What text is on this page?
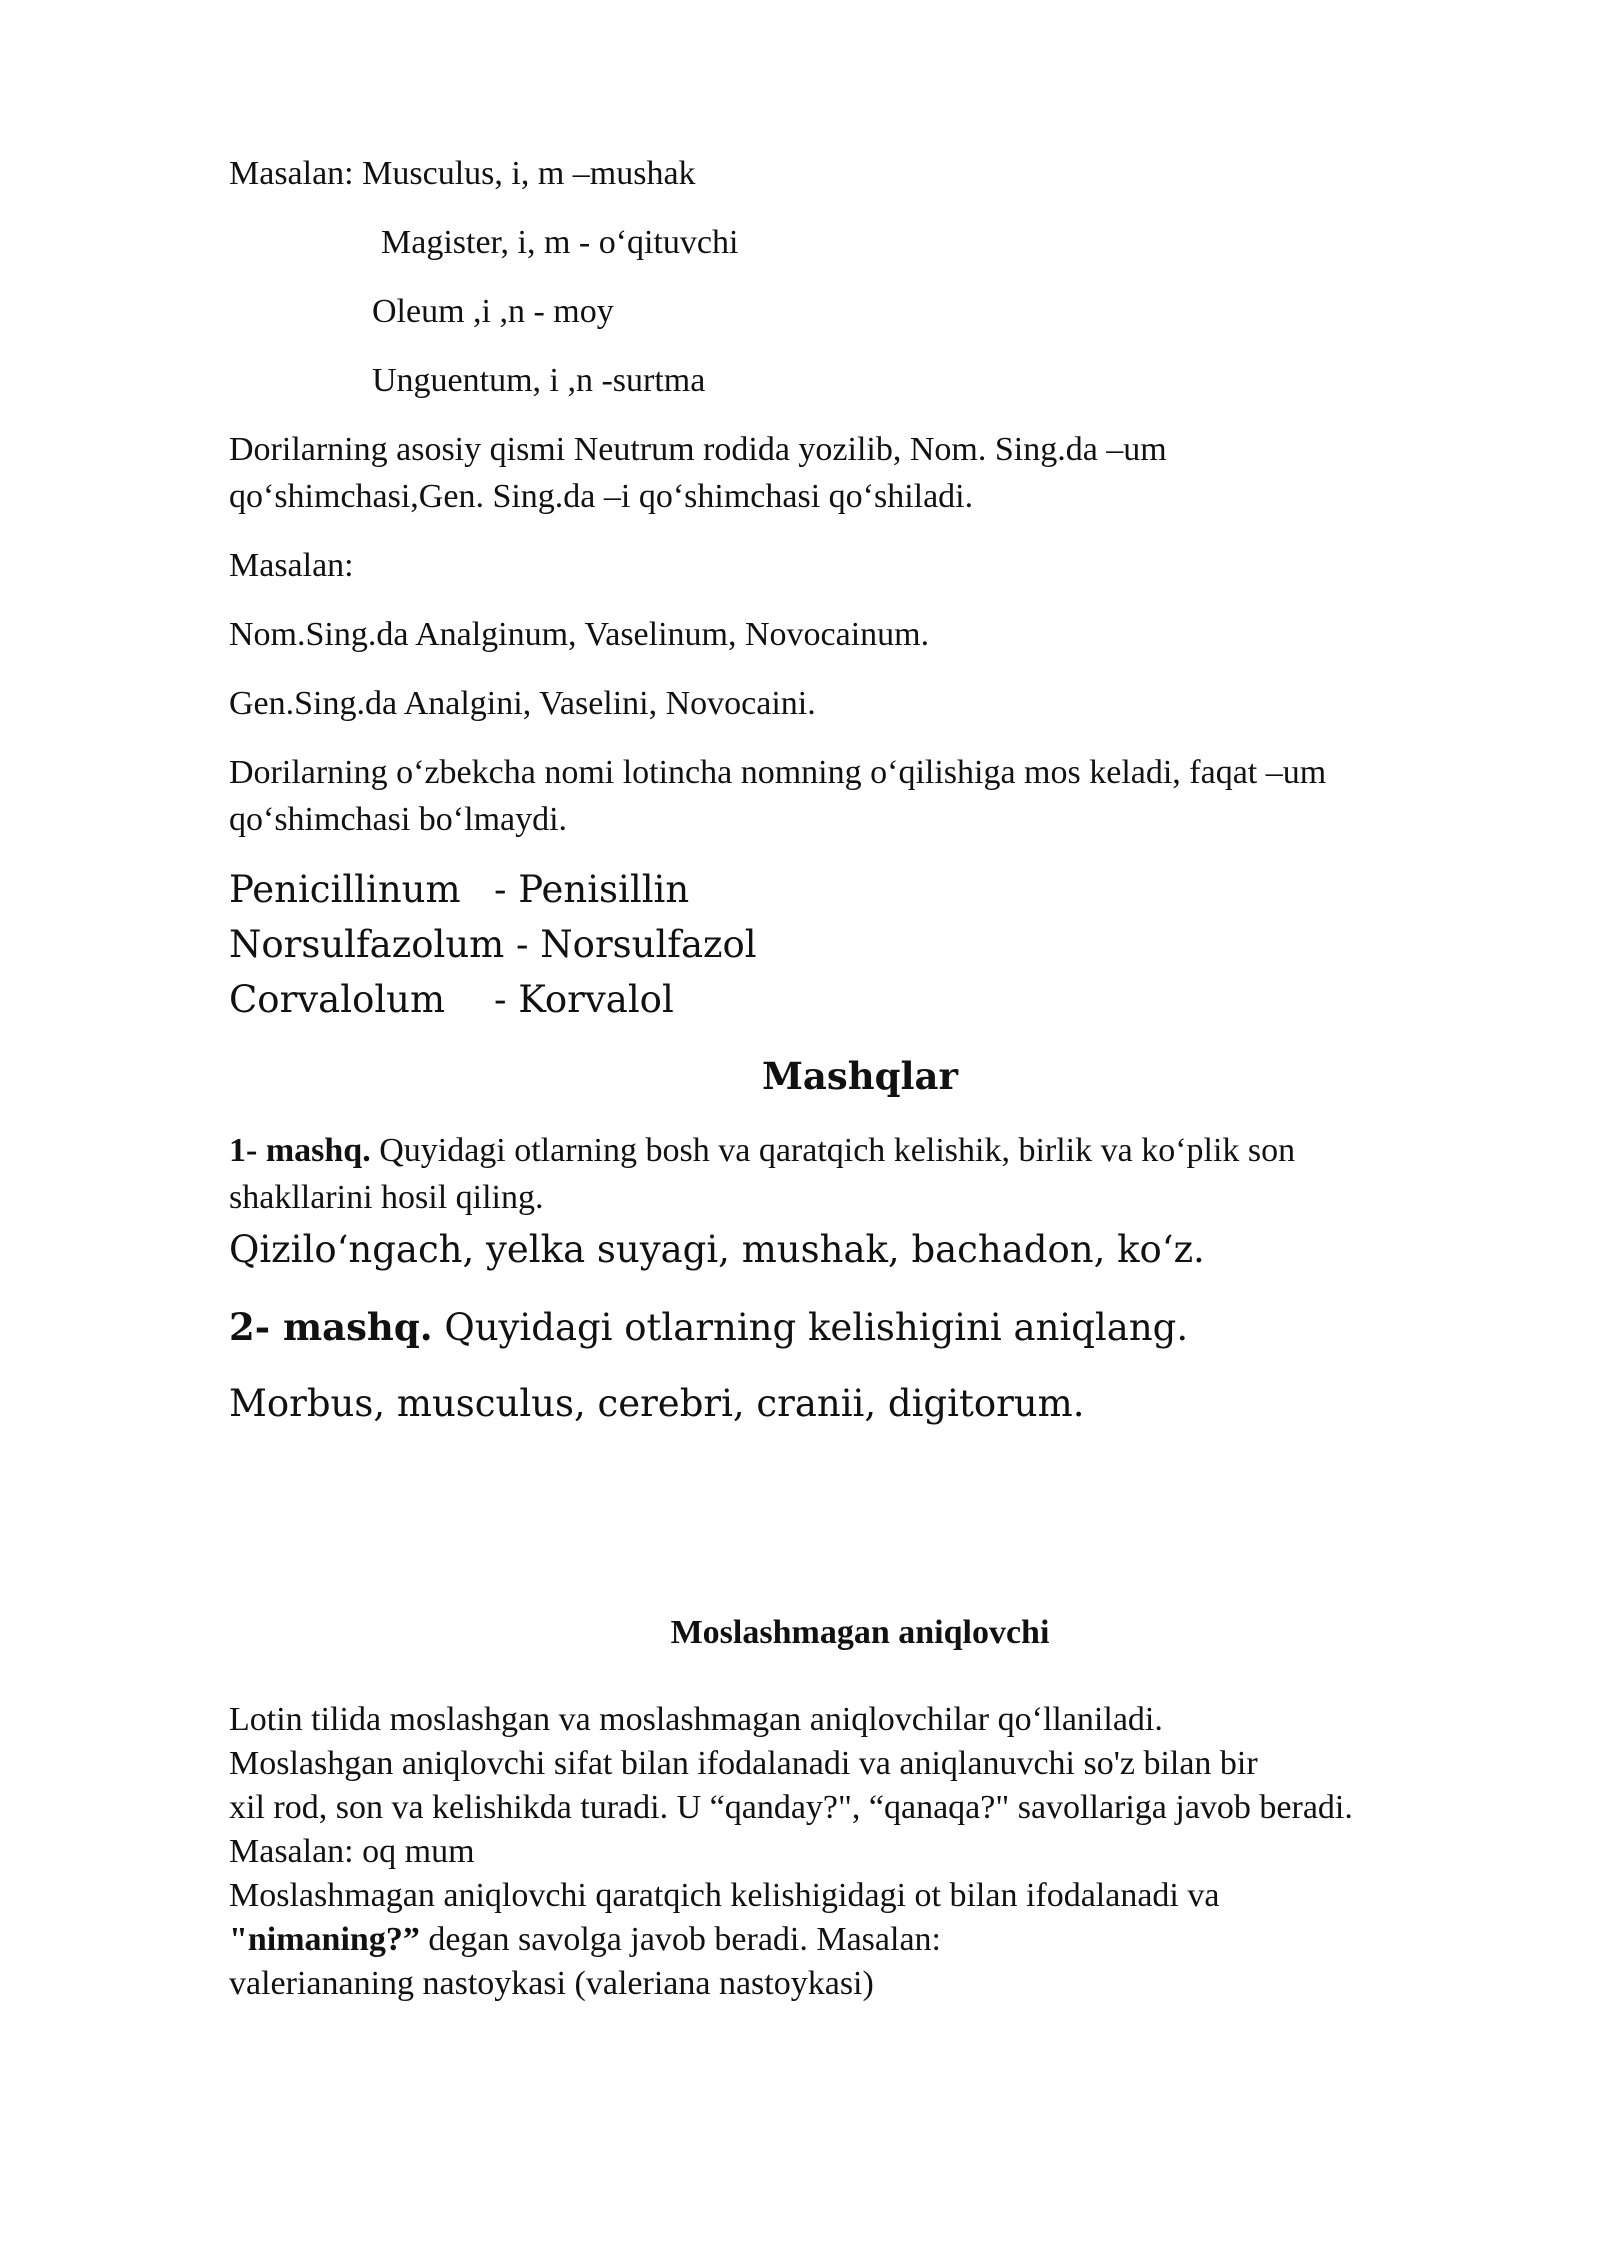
Masalan: Musculus, i, m –mushak

Magister, i, m - o‘qituvchi

Oleum ,i ,n - moy

Unguentum, i ,n -surtma

Dorilarning asosiy qismi Neutrum rodida yozilib, Nom. Sing.da –um

qo‘shimchasi,Gen. Sing.da –i qo‘shimchasi qo‘shiladi.

Masalan:

Nom.Sing.da Analginum, Vaselinum, Novocainum.

Gen.Sing.da Analgini, Vaselini, Novocaini.

Dorilarning o‘zbekcha nomi lotincha nomning o‘qilishiga mos keladi, faqat –um

qo‘shimchasi bo‘lmaydi.

Penicillinum - Penisillin

Norsulfazolum - Norsulfazol

Corvalolum - Korvalol

Mashqlar

1- mashq. Quyidagi otlarning bosh va qaratqich kelishik, birlik va ko‘plik son

shakllarini hosil qiling.

Qizilo‘ngach, yelka suyagi, mushak, bachadon, ko‘z.

2- mashq. Quyidagi otlarning kelishigini aniqlang.

Morbus, musculus, cerebri, cranii, digitorum.

Moslashmagan aniqlovchi

Lotin tilida moslashgan va moslashmagan aniqlovchilar qo‘llaniladi.

Moslashgan aniqlovchi sifat bilan ifodalanadi va aniqlanuvchi so'z bilan bir

xil rod, son va kelishikda turadi. U “qanday?", “qanaqa?" savollariga javob beradi.

Masalan: oq mum

Moslashmagan aniqlovchi qaratqich kelishigidagi ot bilan ifodalanadi va

"nimaning?” degan savolga javob beradi. Masalan:

valeriananing nastoykasi (valeriana nastoykasi)
